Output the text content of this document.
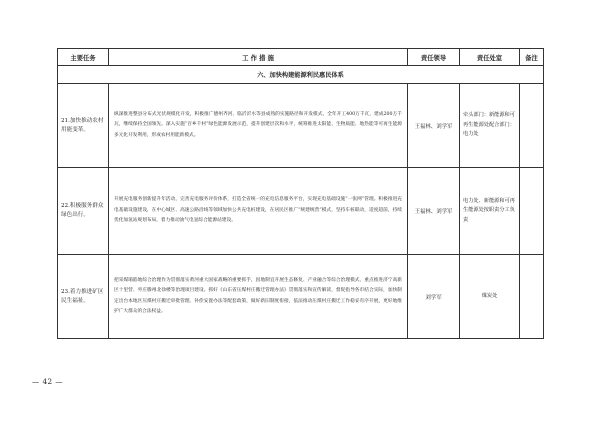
主要任务	工 作 措 施	责任领导	责任处室	备注
六、加快构建能源利民惠民体系				
21.加快推动农村用能变革。	纵深推进整县分布式光伏规模化开发，积极推广德州齐河、临沂沂水等县成熟的实施路径和开发模式，全年开工400万千瓦，建成200万千瓦，继续保持全国领先。深入实施“百乡千村”绿色能源发展示范，提升创建层次和水平，统筹推进太阳能、生物质能、地热能等可再生能源多元化开发利用，形成农村用能新模式。	王福林、刘学军	牵头部门：新能源和可再生能源处配合部门：电力处	
22.积极服务群众绿色出行。	开展充电服务创新提升年活动，完善充电服务评价体系，打造全省统一的充电信息服务平台，实现充电基础设施“一张网”管理。积极推进充电基础设施建设，在中心城区、高速公路沿线等领域加快公共充电桩建设，在居民区推广“统建统营”模式，坚持车桩联动，适度超前，持续优化加氢站规划布局，着力推动油气电氢综合能源站建设。	王福林、刘学军	电力处、新能源和可再生能源处按职责分工负责	
23.着力推进矿区民生福祉。	把采煤塌陷地综合治理作为贯彻落实黄河重大国家战略的重要抓手，因地制宜开展生态修复、产业融合等综合治理模式，重点推进济宁高新区十里营、枣庄滕州北徐楼等治理项目建设。抓好《山东省压煤村庄搬迁管理办法》贯彻落实和宣传解读，督促指导各市结合实际，加快制定出台本地区压煤村庄搬迁审批管理、补偿安置办法等配套政策，做好新旧制度衔接，依法推动压煤村庄搬迁工作稳妥有序开展，更好地维护广大群众的合法权益。	刘学军	煤炭处	
— 42 —
